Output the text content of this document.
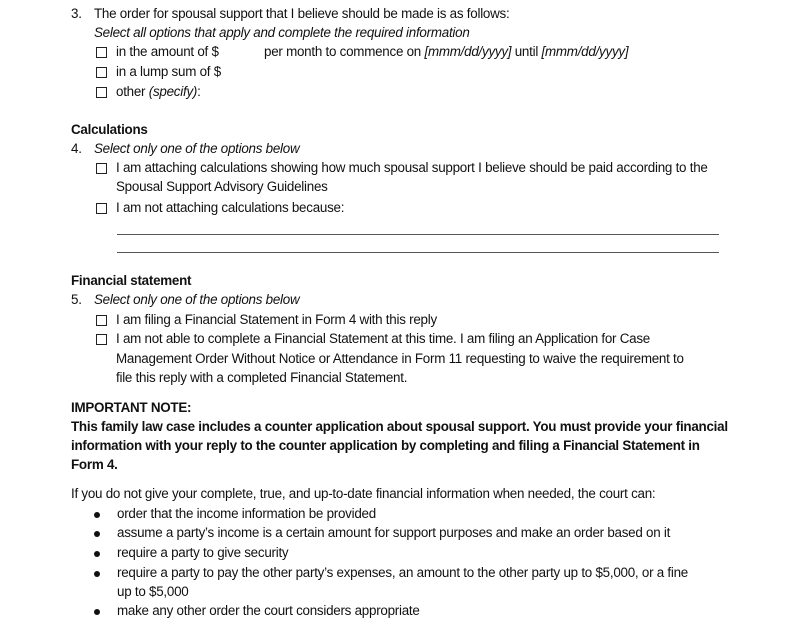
3. The order for spousal support that I believe should be made is as follows:
Select all options that apply and complete the required information
in the amount of $	per month to commence on [mmm/dd/yyyy] until [mmm/dd/yyyy]
in a lump sum of $
other (specify):
Calculations
4. Select only one of the options below
I am attaching calculations showing how much spousal support I believe should be paid according to the
Spousal Support Advisory Guidelines
I am not attaching calculations because:
Financial statement
5. Select only one of the options below
I am filing a Financial Statement in Form 4 with this reply
I am not able to complete a Financial Statement at this time. I am filing an Application for Case
Management Order Without Notice or Attendance in Form 11 requesting to waive the requirement to
file this reply with a completed Financial Statement.
IMPORTANT NOTE:
This family law case includes a counter application about spousal support. You must provide your financial
information with your reply to the counter application by completing and filing a Financial Statement in
Form 4.
If you do not give your complete, true, and up-to-date financial information when needed, the court can:
order that the income information be provided
assume a party’s income is a certain amount for support purposes and make an order based on it
require a party to give security
require a party to pay the other party’s expenses, an amount to the other party up to $5,000, or a fine
up to $5,000
make any other order the court considers appropriate
